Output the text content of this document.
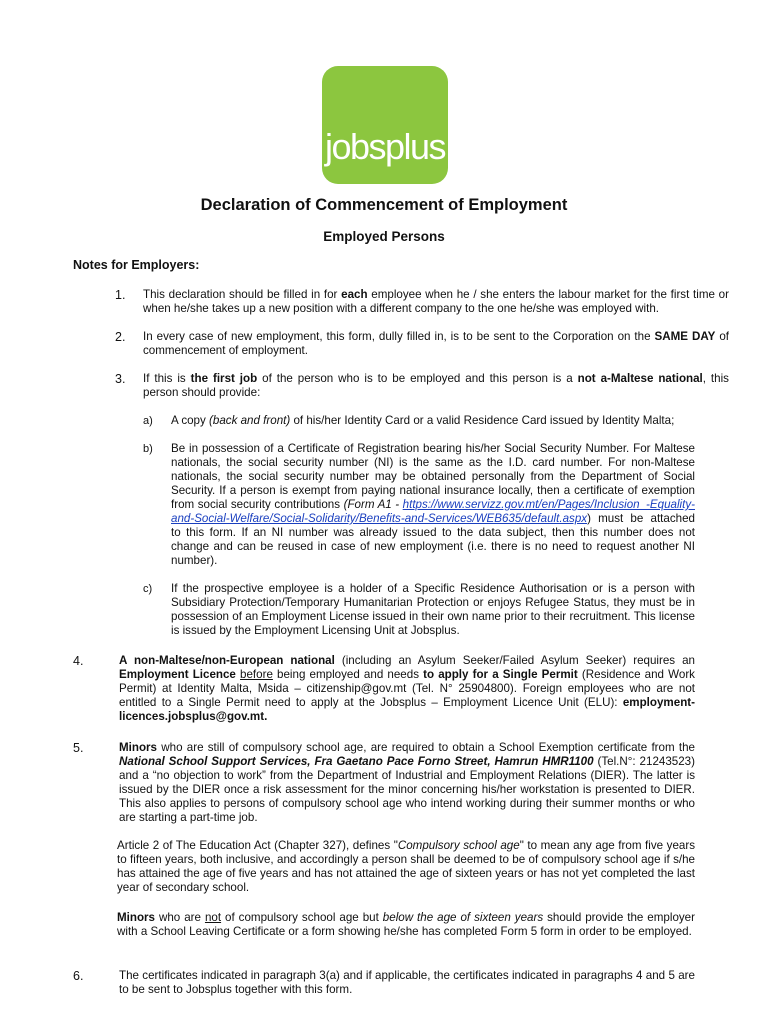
jobsplus
Declaration of Commencement of Employment
Employed Persons
Notes for Employers:
1. This declaration should be filled in for each employee when he / she enters the labour market for the first time or when he/she takes up a new position with a different company to the one he/she was employed with.
2. In every case of new employment, this form, dully filled in, is to be sent to the Corporation on the SAME DAY of commencement of employment.
3. If this is the first job of the person who is to be employed and this person is a not a-Maltese national, this person should provide:
a) A copy (back and front) of his/her Identity Card or a valid Residence Card issued by Identity Malta;
b) Be in possession of a Certificate of Registration bearing his/her Social Security Number. For Maltese nationals, the social security number (NI) is the same as the I.D. card number. For non-Maltese nationals, the social security number may be obtained personally from the Department of Social Security. If a person is exempt from paying national insurance locally, then a certificate of exemption from social security contributions (Form A1 - https://www.servizz.gov.mt/en/Pages/Inclusion_-Equality-and-Social-Welfare/Social-Solidarity/Benefits-and-Services/WEB635/default.aspx) must be attached to this form. If an NI number was already issued to the data subject, then this number does not change and can be reused in case of new employment (i.e. there is no need to request another NI number).
c) If the prospective employee is a holder of a Specific Residence Authorisation or is a person with Subsidiary Protection/Temporary Humanitarian Protection or enjoys Refugee Status, they must be in possession of an Employment License issued in their own name prior to their recruitment. This license is issued by the Employment Licensing Unit at Jobsplus.
4.	A non-Maltese/non-European national (including an Asylum Seeker/Failed Asylum Seeker) requires an Employment Licence before being employed and needs to apply for a Single Permit (Residence and Work Permit) at Identity Malta, Msida – citizenship@gov.mt (Tel. N° 25904800). Foreign employees who are not entitled to a Single Permit need to apply at the Jobsplus – Employment Licence Unit (ELU): employment- licences.jobsplus@gov.mt.
5.	Minors who are still of compulsory school age, are required to obtain a School Exemption certificate from the National School Support Services, Fra Gaetano Pace Forno Street, Hamrun HMR1100 (Tel.N°: 21243523) and a “no objection to work” from the Department of Industrial and Employment Relations (DIER). The latter is issued by the DIER once a risk assessment for the minor concerning his/her workstation is presented to DIER. This also applies to persons of compulsory school age who intend working during their summer months or who are starting a part-time job.
Article 2 of The Education Act (Chapter 327), defines "Compulsory school age" to mean any age from five years to fifteen years, both inclusive, and accordingly a person shall be deemed to be of compulsory school age if s/he has attained the age of five years and has not attained the age of sixteen years or has not yet completed the last year of secondary school.
Minors who are not of compulsory school age but below the age of sixteen years should provide the employer with a School Leaving Certificate or a form showing he/she has completed Form 5 form in order to be employed.
6.	The certificates indicated in paragraph 3(a) and if applicable, the certificates indicated in paragraphs 4 and 5 are to be sent to Jobsplus together with this form.
